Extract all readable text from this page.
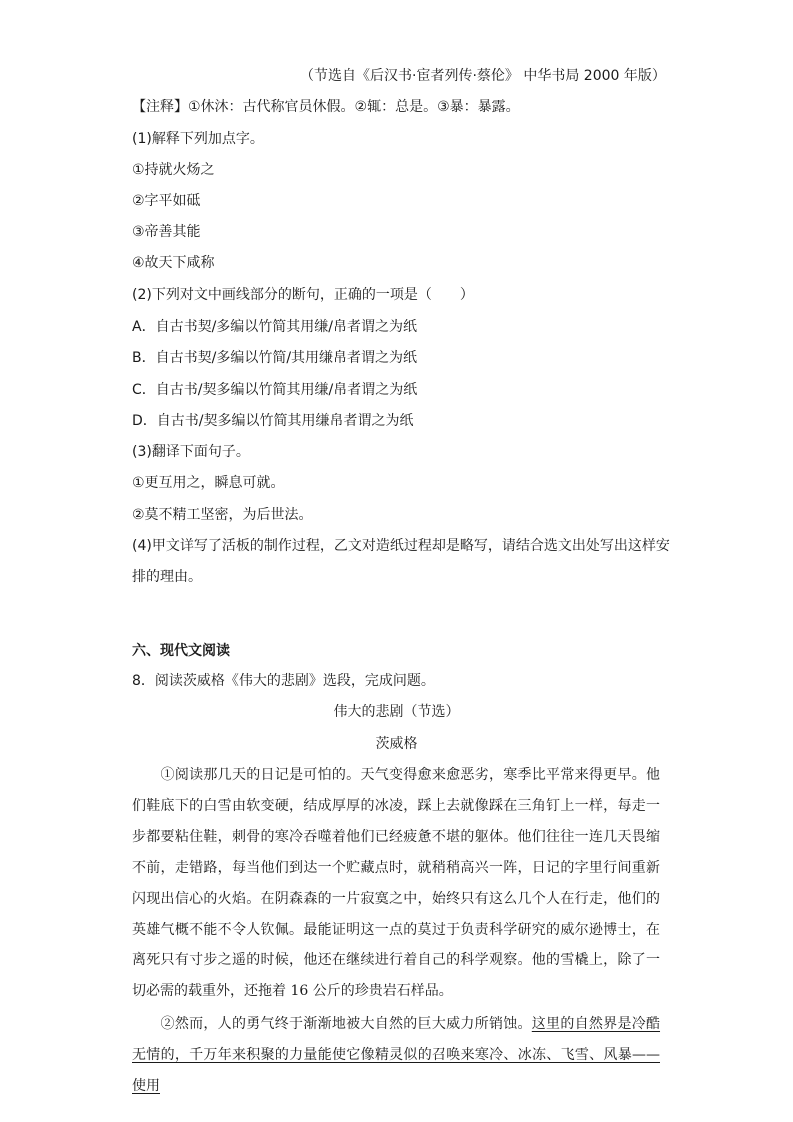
（节选自《后汉书·宦者列传·蔡伦》 中华书局 2000 年版）
【注释】①休沐：古代称官员休假。②辄：总是。③暴：暴露。
(1)解释下列加点字。
①持就火炀之
②字平如砥
③帝善其能
④故天下咸称
(2)下列对文中画线部分的断句，正确的一项是（　　）
A．自古书契/多编以竹简其用缣/帛者谓之为纸
B．自古书契/多编以竹简/其用缣帛者谓之为纸
C．自古书/契多编以竹简其用缣/帛者谓之为纸
D．自古书/契多编以竹简其用缣帛者谓之为纸
(3)翻译下面句子。
①更互用之，瞬息可就。
②莫不精工坚密，为后世法。
(4)甲文详写了活板的制作过程，乙文对造纸过程却是略写，请结合选文出处写出这样安
排的理由。
六、现代文阅读
8．阅读茨威格《伟大的悲剧》选段，完成问题。
伟大的悲剧（节选）
茨威格
　　①阅读那几天的日记是可怕的。天气变得愈来愈恶劣，寒季比平常来得更早。他们鞋底下的白雪由软变硬，结成厚厚的冰凌，踩上去就像踩在三角钉上一样，每走一步都要粘住鞋，刺骨的寒冷吞噬着他们已经疲惫不堪的躯体。他们往往一连几天畏缩不前，走错路，每当他们到达一个贮藏点时，就稍稍高兴一阵，日记的字里行间重新闪现出信心的火焰。在阴森森的一片寂寞之中，始终只有这么几个人在行走，他们的英雄气概不能不令人钦佩。最能证明这一点的莫过于负责科学研究的威尔逊博士，在离死只有寸步之遥的时候，他还在继续进行着自己的科学观察。他的雪橇上，除了一切必需的载重外，还拖着 16 公斤的珍贵岩石样品。
　　②然而，人的勇气终于渐渐地被大自然的巨大威力所销蚀。这里的自然界是冷酷无情的，千万年来积聚的力量能使它像精灵似的召唤来寒冷、冰冻、飞雪、风暴——使用
